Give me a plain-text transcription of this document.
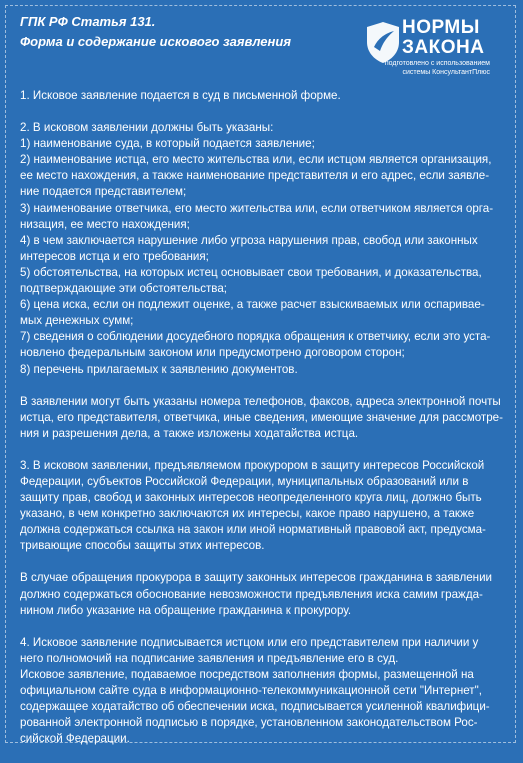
ГПК РФ Статья 131.
Форма и содержание искового заявления
НОРМЫ
ЗАКОНА
подготовлено с использованием
системы КонсультантПлюс

1. Исковое заявление подается в суд в письменной форме.

2. В исковом заявлении должны быть указаны:
1) наименование суда, в который подается заявление;
2) наименование истца, его место жительства или, если истцом является организация,
ее место нахождения, а также наименование представителя и его адрес, если заявле-
ние подается представителем;
3) наименование ответчика, его место жительства или, если ответчиком является орга-
низация, ее место нахождения;
4) в чем заключается нарушение либо угроза нарушения прав, свобод или законных
интересов истца и его требования;
5) обстоятельства, на которых истец основывает свои требования, и доказательства,
подтверждающие эти обстоятельства;
6) цена иска, если он подлежит оценке, а также расчет взыскиваемых или оспаривае-
мых денежных сумм;
7) сведения о соблюдении досудебного порядка обращения к ответчику, если это уста-
новлено федеральным законом или предусмотрено договором сторон;
8) перечень прилагаемых к заявлению документов.

В заявлении могут быть указаны номера телефонов, факсов, адреса электронной почты
истца, его представителя, ответчика, иные сведения, имеющие значение для рассмотре-
ния и разрешения дела, а также изложены ходатайства истца.

3. В исковом заявлении, предъявляемом прокурором в защиту интересов Российской
Федерации, субъектов Российской Федерации, муниципальных образований или в
защиту прав, свобод и законных интересов неопределенного круга лиц, должно быть
указано, в чем конкретно заключаются их интересы, какое право нарушено, а также
должна содержаться ссылка на закон или иной нормативный правовой акт, предусма-
тривающие способы защиты этих интересов.

В случае обращения прокурора в защиту законных интересов гражданина в заявлении
должно содержаться обоснование невозможности предъявления иска самим гражда-
нином либо указание на обращение гражданина к прокурору.

4. Исковое заявление подписывается истцом или его представителем при наличии у
него полномочий на подписание заявления и предъявление его в суд.
Исковое заявление, подаваемое посредством заполнения формы, размещенной на
официальном сайте суда в информационно-телекоммуникационной сети "Интернет",
содержащее ходатайство об обеспечении иска, подписывается усиленной квалифици-
рованной электронной подписью в порядке, установленном законодательством Рос-
сийской Федерации.
